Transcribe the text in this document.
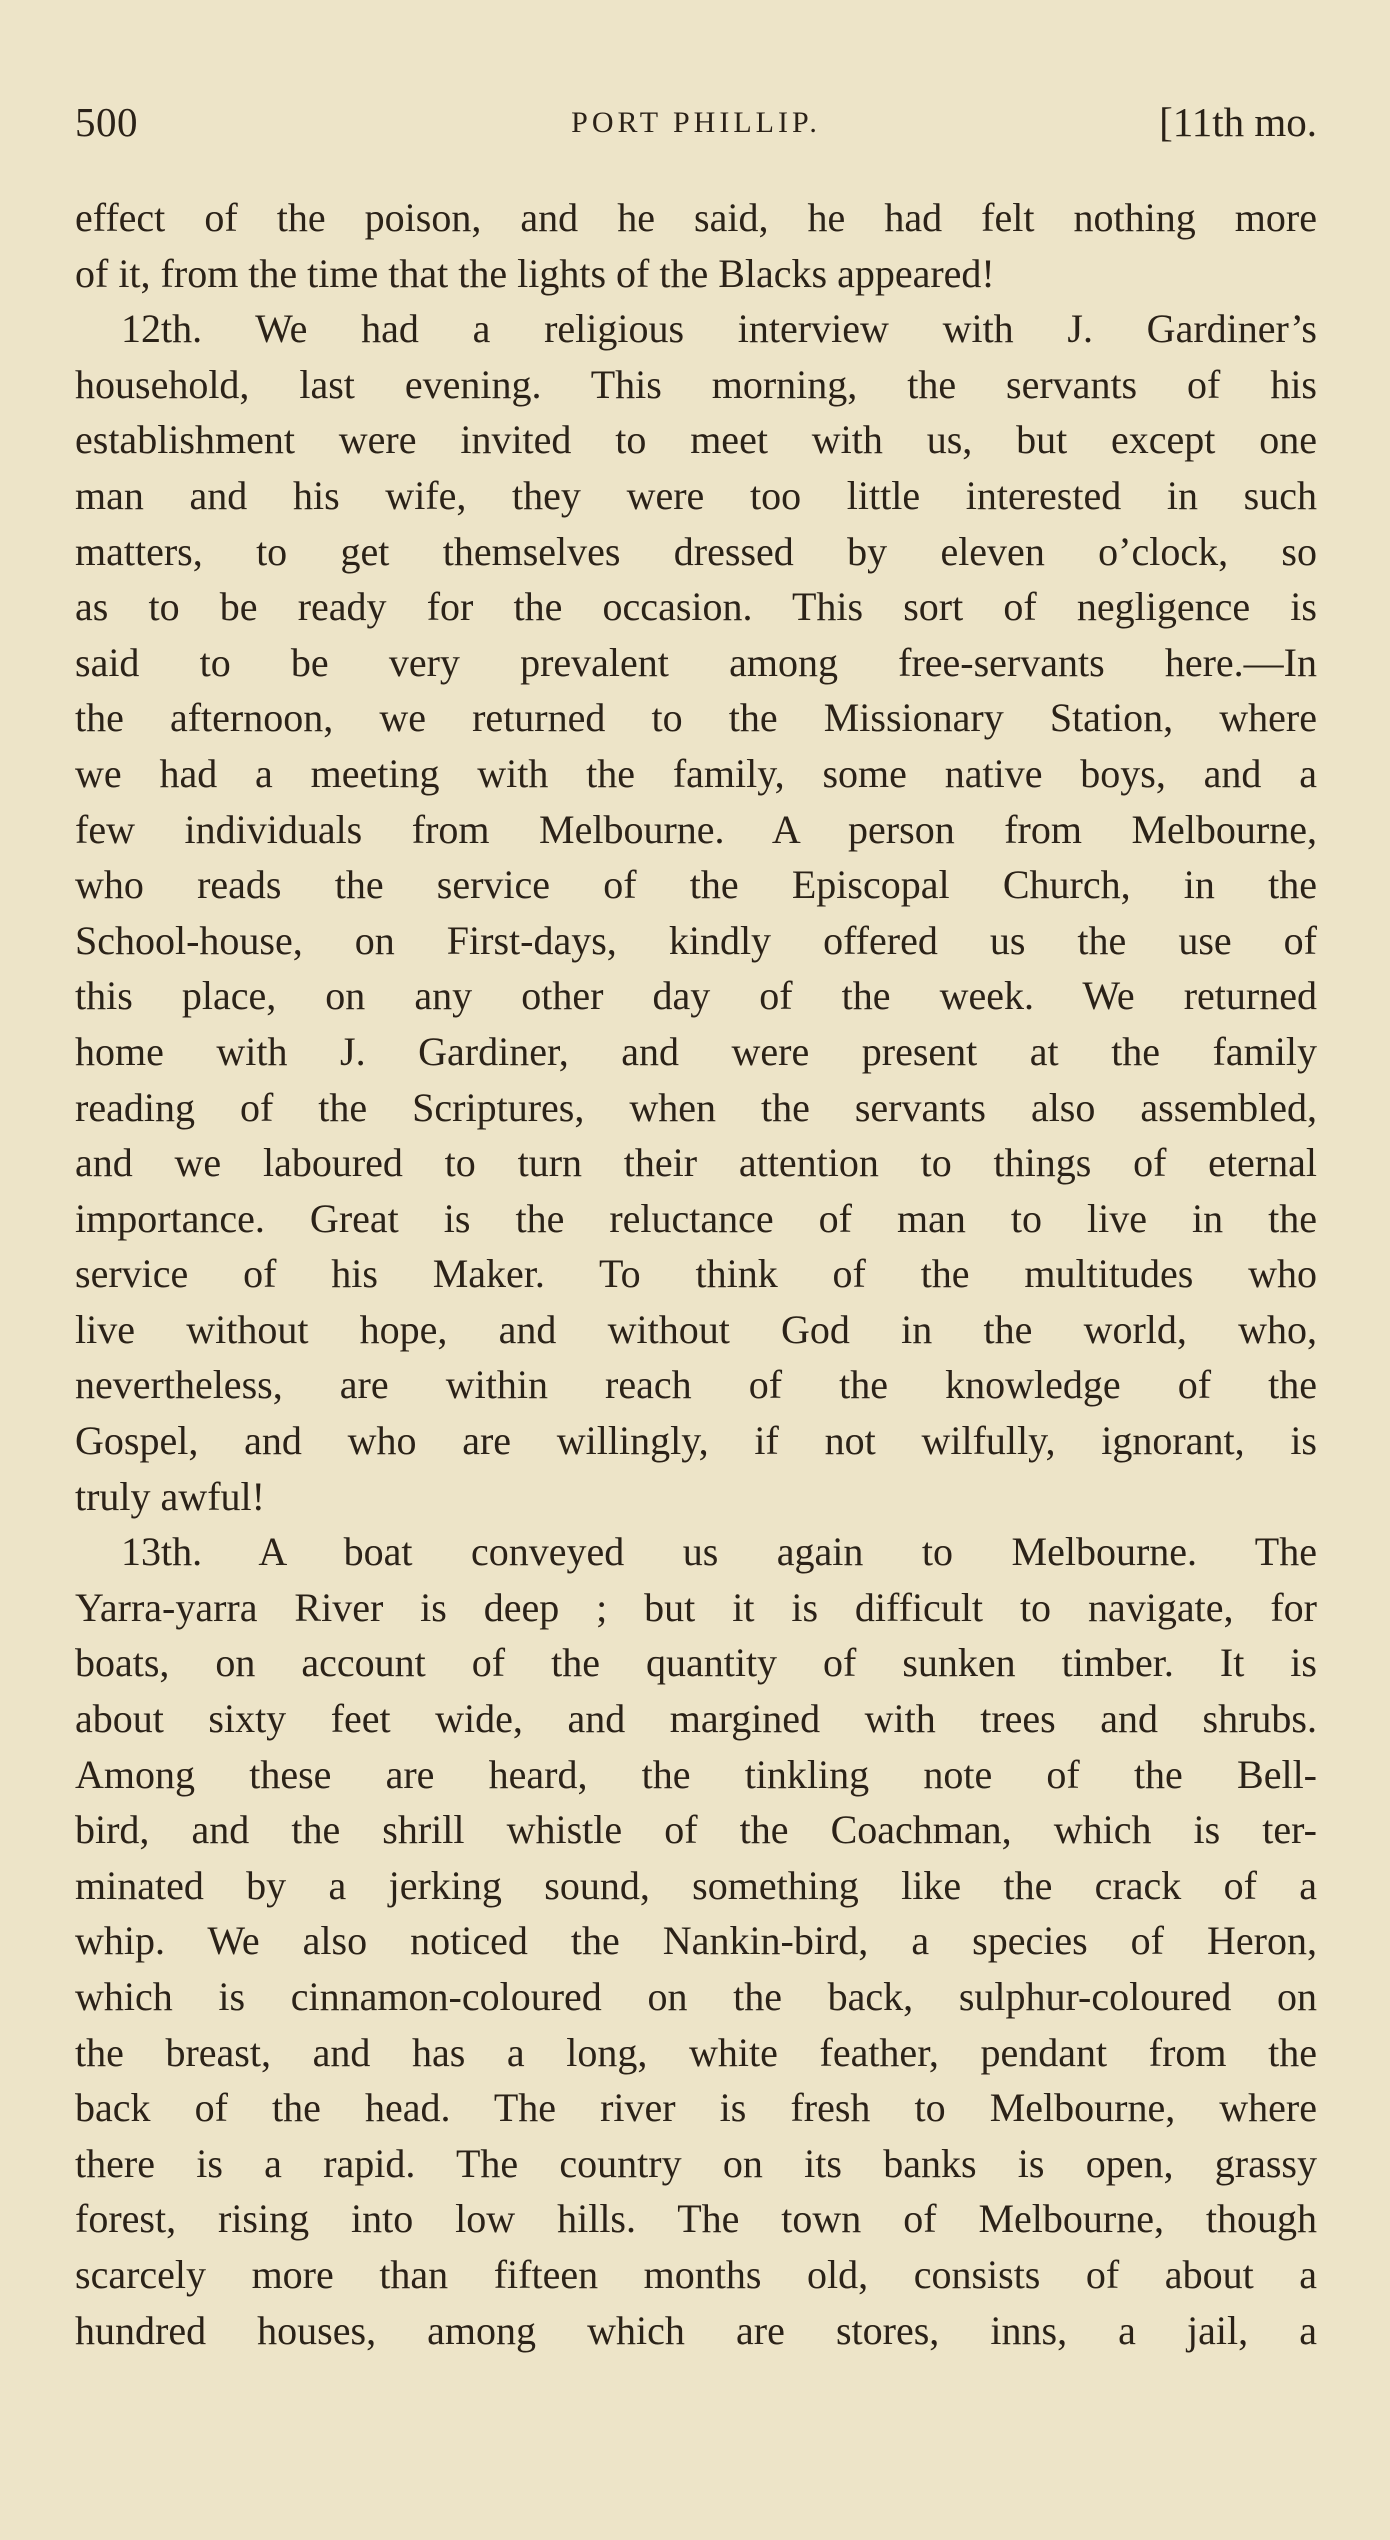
500	PORT PHILLIP.	[11th mo.
effect of the poison, and he said, he had felt nothing more
of it, from the time that the lights of the Blacks appeared!
12th. We had a religious interview with J. Gardiner’s
household, last evening. This morning, the servants of his
establishment were invited to meet with us, but except one
man and his wife, they were too little interested in such
matters, to get themselves dressed by eleven o’clock, so
as to be ready for the occasion. This sort of negligence is
said to be very prevalent among free-servants here.—In
the afternoon, we returned to the Missionary Station, where
we had a meeting with the family, some native boys, and a
few individuals from Melbourne. A person from Melbourne,
who reads the service of the Episcopal Church, in the
School-house, on First-days, kindly offered us the use of
this place, on any other day of the week. We returned
home with J. Gardiner, and were present at the family
reading of the Scriptures, when the servants also assembled,
and we laboured to turn their attention to things of eternal
importance. Great is the reluctance of man to live in the
service of his Maker. To think of the multitudes who
live without hope, and without God in the world, who,
nevertheless, are within reach of the knowledge of the
Gospel, and who are willingly, if not wilfully, ignorant, is
truly awful!
13th. A boat conveyed us again to Melbourne. The
Yarra-yarra River is deep ; but it is difficult to navigate, for
boats, on account of the quantity of sunken timber. It is
about sixty feet wide, and margined with trees and shrubs.
Among these are heard, the tinkling note of the Bell-
bird, and the shrill whistle of the Coachman, which is ter-
minated by a jerking sound, something like the crack of a
whip. We also noticed the Nankin-bird, a species of Heron,
which is cinnamon-coloured on the back, sulphur-coloured on
the breast, and has a long, white feather, pendant from the
back of the head. The river is fresh to Melbourne, where
there is a rapid. The country on its banks is open, grassy
forest, rising into low hills. The town of Melbourne, though
scarcely more than fifteen months old, consists of about a
hundred houses, among which are stores, inns, a jail, a
